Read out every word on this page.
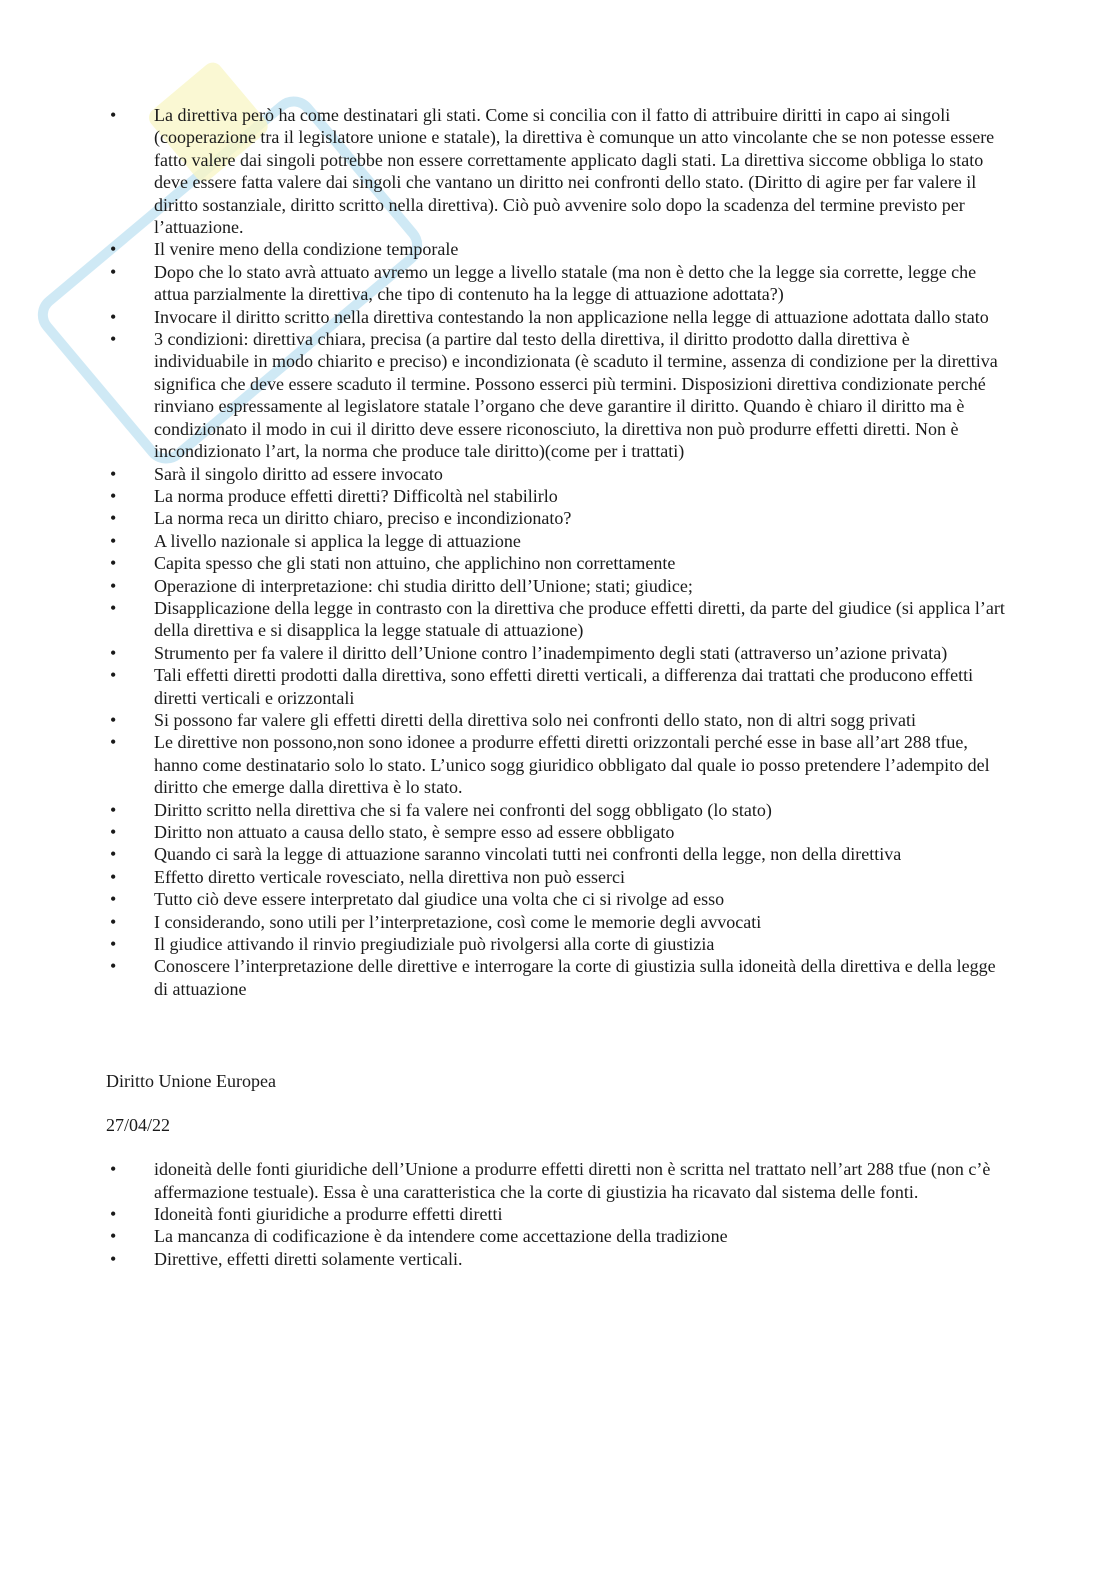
• La direttiva però ha come destinatari gli stati. Come si concilia con il fatto di attribuire diritti in capo ai singoli (cooperazione tra il legislatore unione e statale), la direttiva è comunque un atto vincolante che se non potesse essere fatto valere dai singoli potrebbe non essere correttamente applicato dagli stati. La direttiva siccome obbliga lo stato deve essere fatta valere dai singoli che vantano un diritto nei confronti dello stato. (Diritto di agire per far valere il diritto sostanziale, diritto scritto nella direttiva). Ciò può avvenire solo dopo la scadenza del termine previsto per l’attuazione.
• Il venire meno della condizione temporale
• Dopo che lo stato avrà attuato avremo un legge a livello statale (ma non è detto che la legge sia corrette, legge che attua parzialmente la direttiva, che tipo di contenuto ha la legge di attuazione adottata?)
• Invocare il diritto scritto nella direttiva contestando la non applicazione nella legge di attuazione adottata dallo stato
• 3 condizioni: direttiva chiara, precisa (a partire dal testo della direttiva, il diritto prodotto dalla direttiva è individuabile in modo chiarito e preciso) e incondizionata (è scaduto il termine, assenza di condizione per la direttiva significa che deve essere scaduto il termine. Possono esserci più termini. Disposizioni direttiva condizionate perché rinviano espressamente al legislatore statale l’organo che deve garantire il diritto. Quando è chiaro il diritto ma è condizionato il modo in cui il diritto deve essere riconosciuto, la direttiva non può produrre effetti diretti. Non è incondizionato l’art, la norma che produce tale diritto)(come per i trattati)
• Sarà il singolo diritto ad essere invocato
• La norma produce effetti diretti? Difficoltà nel stabilirlo
• La norma reca un diritto chiaro, preciso e incondizionato?
• A livello nazionale si applica la legge di attuazione
• Capita spesso che gli stati non attuino, che applichino non correttamente
• Operazione di interpretazione: chi studia diritto dell’Unione; stati; giudice;
• Disapplicazione della legge in contrasto con la direttiva che produce effetti diretti, da parte del giudice (si applica l’art della direttiva e si disapplica la legge statuale di attuazione)
• Strumento per fa valere il diritto dell’Unione contro l’inadempimento degli stati (attraverso un’azione privata)
• Tali effetti diretti prodotti dalla direttiva, sono effetti diretti verticali, a differenza dai trattati che producono effetti diretti verticali e orizzontali
• Si possono far valere gli effetti diretti della direttiva solo nei confronti dello stato, non di altri sogg privati
• Le direttive non possono,non sono idonee a produrre effetti diretti orizzontali perché esse in base all’art 288 tfue, hanno come destinatario solo lo stato. L’unico sogg giuridico obbligato dal quale io posso pretendere l’adempito del diritto che emerge dalla direttiva è lo stato.
• Diritto scritto nella direttiva che si fa valere nei confronti del sogg obbligato (lo stato)
• Diritto non attuato a causa dello stato, è sempre esso ad essere obbligato
• Quando ci sarà la legge di attuazione saranno vincolati tutti nei confronti della legge, non della direttiva
• Effetto diretto verticale rovesciato, nella direttiva non può esserci
• Tutto ciò deve essere interpretato dal giudice una volta che ci si rivolge ad esso
• I considerando, sono utili per l’interpretazione, così come le memorie degli avvocati
• Il giudice attivando il rinvio pregiudiziale può rivolgersi alla corte di giustizia
• Conoscere l’interpretazione delle direttive e interrogare la corte di giustizia sulla idoneità della direttiva e della legge di attuazione

Diritto Unione Europea

27/04/22

• idoneità delle fonti giuridiche dell’Unione a produrre effetti diretti non è scritta nel trattato nell’art 288 tfue (non c’è affermazione testuale). Essa è una caratteristica che la corte di giustizia ha ricavato dal sistema delle fonti.
• Idoneità fonti giuridiche a produrre effetti diretti
• La mancanza di codificazione è da intendere come accettazione della tradizione
• Direttive, effetti diretti solamente verticali.
